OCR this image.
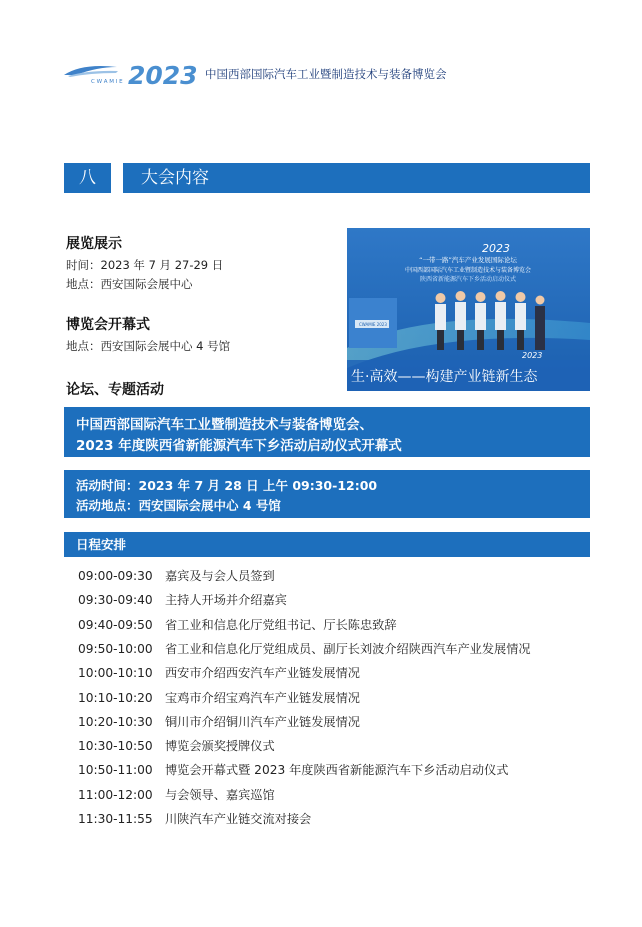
C W A M I E 2023 中国西部国际汽车工业暨制造技术与装备博览会
八	大会内容
展览展示
时间：2023 年 7 月 27-29 日
地点：西安国际会展中心
博览会开幕式
地点：西安国际会展中心 4 号馆
论坛、专题活动
2023
“一带一路”汽车产业发展国际论坛
中国西部国际汽车工业暨制造技术与装备博览会
陕西省新能源汽车下乡活动启动仪式
CWAMIE 2023
2023
生·高效——构建产业链新生态
中国西部国际汽车工业暨制造技术与装备博览会、
2023 年度陕西省新能源汽车下乡活动启动仪式开幕式
活动时间：2023 年 7 月 28 日 上午 09:30-12:00
活动地点：西安国际会展中心 4 号馆
日程安排
09:00-09:30 嘉宾及与会人员签到
09:30-09:40 主持人开场并介绍嘉宾
09:40-09:50 省工业和信息化厅党组书记、厅长陈忠致辞
09:50-10:00 省工业和信息化厅党组成员、副厅长刘波介绍陕西汽车产业发展情况
10:00-10:10 西安市介绍西安汽车产业链发展情况
10:10-10:20 宝鸡市介绍宝鸡汽车产业链发展情况
10:20-10:30 铜川市介绍铜川汽车产业链发展情况
10:30-10:50 博览会颁奖授牌仪式
10:50-11:00 博览会开幕式暨 2023 年度陕西省新能源汽车下乡活动启动仪式
11:00-12:00 与会领导、嘉宾巡馆
11:30-11:55 川陕汽车产业链交流对接会
